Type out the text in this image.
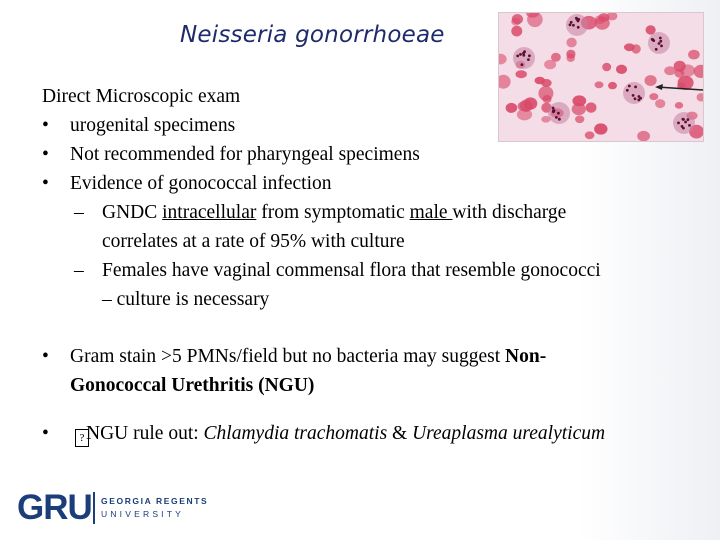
Neisseria gonorrhoeae
Direct Microscopic exam
• urogenital specimens
• Not recommended for pharyngeal specimens
• Evidence of gonococcal infection
– GNDC intracellular from symptomatic male with discharge
correlates at a rate of 95% with culture
– Females have vaginal commensal flora that resemble gonococci
– culture is necessary
• Gram stain >5 PMNs/field but no bacteria may suggest Non-
Gonococcal Urethritis (NGU)
•	?NGU rule out: Chlamydia trachomatis & Ureaplasma urealyticum
GRU GEORGIA REGENTS
UNIVERSITY
